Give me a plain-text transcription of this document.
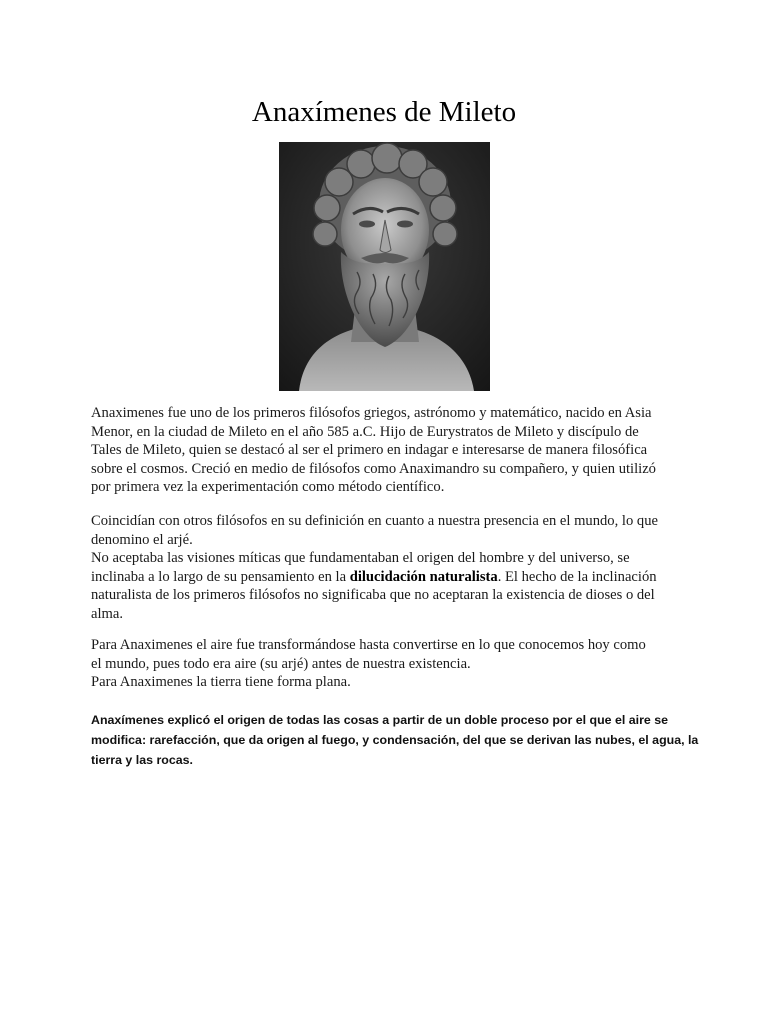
Anaxímenes de Mileto

Anaximenes fue uno de los primeros filósofos griegos, astrónomo y matemático, nacido en Asia
Menor, en la ciudad de Mileto en el año 585 a.C. Hijo de Eurystratos de Mileto y discípulo de
Tales de Mileto, quien se destacó al ser el primero en indagar e interesarse de manera filosófica
sobre el cosmos. Creció en medio de filósofos como Anaximandro su compañero, y quien utilizó
por primera vez la experimentación como método científico.

Coincidían con otros filósofos en su definición en cuanto a nuestra presencia en el mundo, lo que
denomino el arjé.
No aceptaba las visiones míticas que fundamentaban el origen del hombre y del universo, se
inclinaba a lo largo de su pensamiento en la dilucidación naturalista. El hecho de la inclinación
naturalista de los primeros filósofos no significaba que no aceptaran la existencia de dioses o del
alma.

Para Anaximenes el aire fue transformándose hasta convertirse en lo que conocemos hoy como
el mundo, pues todo era aire (su arjé) antes de nuestra existencia.
Para Anaximenes la tierra tiene forma plana.

Anaxímenes explicó el origen de todas las cosas a partir de un doble proceso por el que el aire se
modifica: rarefacción, que da origen al fuego, y condensación, del que se derivan las nubes, el agua, la
tierra y las rocas.
